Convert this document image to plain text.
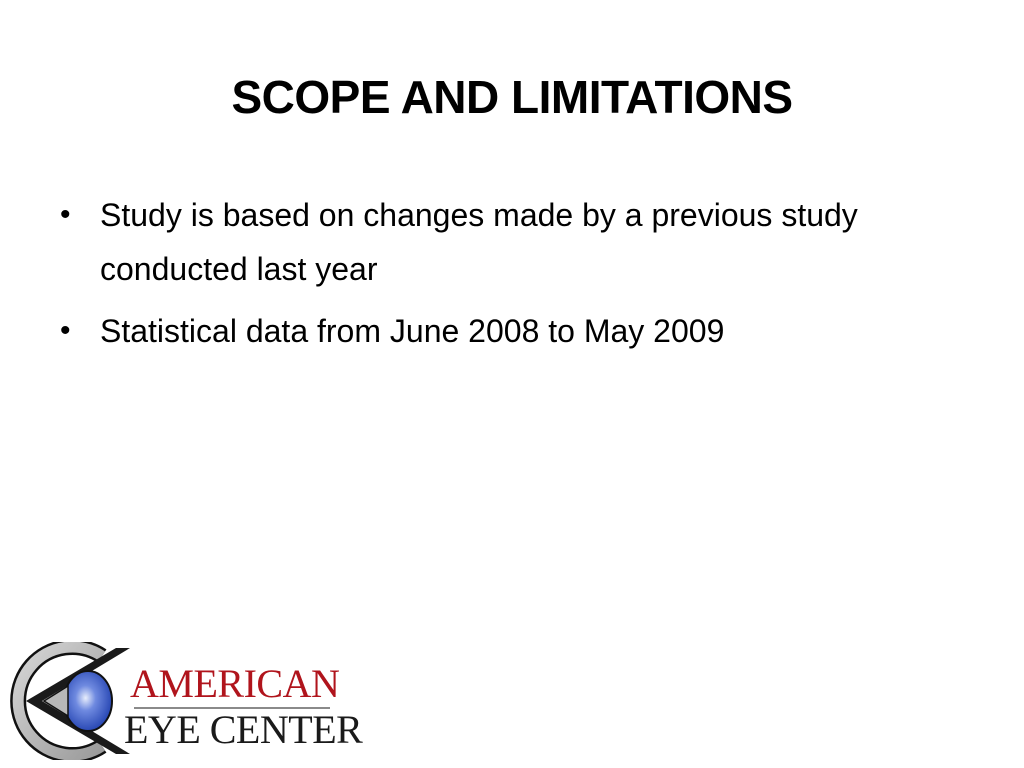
SCOPE AND LIMITATIONS
• Study is based on changes made by a previous study conducted last year
• Statistical data from June 2008 to May 2009
AMERICAN
EYE CENTER
